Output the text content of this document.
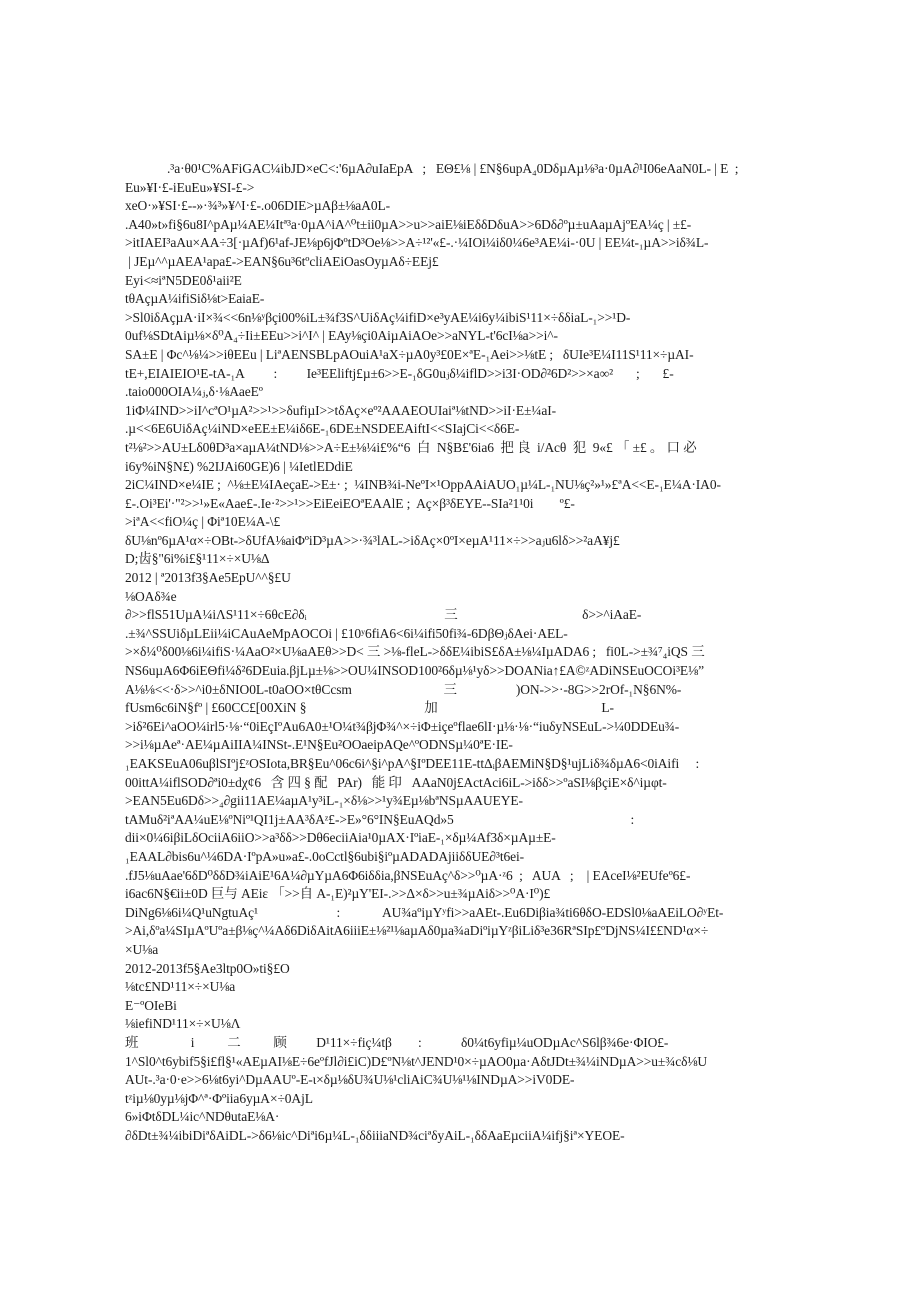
.³a·θ0¹C%AFiGAC¼ibJD×eC<:'6µA∂uIaEpA   ;   EΘ£⅛ | £N§6upA₄0DδµAµ⅛³a·0µA∂¹I06eAaN0L- | E  ;
Eu»¥I·£-iEuEu»¥SI-£->
xeO·»¥SI·£--»·¾³»¥^I·£-.o06DIE>µAβ±⅛aA0L-
.A40»t»fi§6u8I^pAµ¼AE¼Itª³a·0µA^iA^⁰t±ii0µA>>u>>aiE⅛iEδδDδuA>>6Dδ∂ºµ±uAaµAjºEA¼ç | ±£-
>itIAEI³aAu×AA÷3[·µAf)6¹af-JE⅛p6jΦºtD³Oe⅛>>A÷¹²'«£-.·¼IOi¼iδ0¼6e³AE¼i-·0U | EE¼t-₁µA>>iδ¾L-
| JEµ^^µAEA¹apa£->EAN§6u³6tºcliAEiOasOyµAδ÷EEj£
Eyi<≈iªN5DE0δ¹aii²E
tθAçµA¼ifiSiδ⅛t>EaiaE-
>Sl0iδAçµA·iI×¾<<6n⅛ʸβçi00%iL±¾f3S^UiδAç¼ifiD×e³yAE¼i6y¼ibiS¹11×÷δδiaL-₁>>¹D-
0uf⅛SDtAiµ⅛×δ⁰A₄÷Ii±EEu>>i^I^ | EAy⅛çi0AiµAiAOe>>aNYL-t'6cI⅛a>>i^-
SA±E | Φc^⅛¼>>iθEEu | LiªAENSBLpAOuiA¹aX÷µA0y³£0E×ªE-₁Aei>>⅛tE ;   δUIe³E¼I11S¹11×÷µAI-
tE+,EIAIEIO¹E-tA-₁A         :         Ie³EEliftj£µ±6>>E-₁δG0uⱼδ¼iflD>>i3I·OD∂²6D²>>×a∞²       ;       £-
.taio000OIA¼ⱼ,δ·⅛AaeEº
1iΦ¼IND>>iI^cªO¹µA²>>¹>>δufiµI>>tδAç×eº²AAAEOUIaiª⅛tND>>iI·E±¼aI-
.µ<<6E6UiδAç¼iND×eEE±E¼iδ6E-₁6DE±NSDEEAiftI<<SIajCi<<δ6E-
t²⅛²>>AU±Lδ0θD³a×aµA¼tND⅛>>A÷E±⅛¼i£%“6  白  N§B£'6ia6  把 良  i/Acθ  犯  9«£ 「 ±£ 。 口 必
i6y%iN§N£) %2IJAi60GE)6 | ¼IetlEDdiE
2iC¼IND×e¼IE ;  ^⅛±E¼IAeçaE->E±· ;  ¼INB¾i-NeºI×¹OppAAiAUO₁µ¼L-₁NU⅛ç²»¹»£ªA<<E-₁E¼A·IA0-
£-.Oi³Ei'·"²>>¹»E«Aae£-.Ie·²>>¹>>EiEeiEOªEAAlE ;  Aç×β³δEYE--SIa²1¹0i        º£-
>iªA<<fiO¼ç | Φiª10E¼A-\£
δU⅛nº6µA¹α×÷OBt->δUfA⅛aiΦºiD³µA>>·¾³lAL->iδAç×0ºI×eµA¹11×÷>>aⱼu6lδ>>²aA¥j£
D;齿§"6i%i£§¹11×÷×U⅛Δ
2012 | ª2013f3§Ae5EpU^^§£U
⅛OAδ¾e
∂>>flS51UµA¼iΛS¹11×÷6θcE∂δᵢ                                          三                                      δ>>^iAaE-
.±¾^SSUiδµLEii¼iCAuAeMpAOCOi | £10ʸ6fiA6<6i¼ifi50fi¾-6DβΘⱼδAei·AEL-
>×δ¼⁰δ00⅛6i¼ifiS·¼AaO²×U⅛aAEθ>>D< 三 >⅛-fleL->δδE¼ibiS£δA±⅛¼IµADA6 ;   fi0L->±¾⁷₄iQS 三
NS6uµA6Φ6iEΘfi¼δ²6DEuia.βjLµ±⅛>>OU¼INSOD100²6δµ⅛¹yδ>>DOANia↑£A©ᶻADiNSEuOCOi³E⅛”
A⅛⅛<<·δ>>^i0±δNIO0L-t0aOO×tθCcsm                            三                  )ON->>·-8G>>2rOf-₁N§6N%-
fUsm6c6iN§fº | £60CC£[00XiN §                                    加                                                  L-
>iδ²6Ei^aOO¼irl5·⅛·“0iEçIºAu6A0±¹O¼t¾βjΦ¾^×÷iΦ±içeºflae6lI·µ⅛·⅛·“iuδyNSEuL->¼0DDEu¾-
>>i⅛µAeª·AE¼µAiIIA¼INSt-.E¹N§Eu²OOaeipAQe^ºODNSµ¼0ªE·IE-
₁EAKSEuA06uβlSIºj£ᶻOSIota,BR§Eu^06c6i^§i^pA^§IºDEE11E-ttΔᵢβAEMiN§D§¹ujLiδ¾δµA6<0iAifi     :
00ittA¼iflSOD∂ªi0±dχ¢6   含 四 § 配   PAr)   能 印   AAaN0j£ActAci6iL->iδδ>>ºaSI⅛βçiE×δ^iµφt-
>EAN5Eu6Dδ>>₄∂gii11AE¼aµA¹y³iL-₁×δ⅛>>¹y¾Eµ⅛bªNSµAAUEYE-
tAMuδ²iªAA¼uE⅛ºNiº¹QI1j±AA³δAᶻ£->E»°6°IN§EuAQd»5                                                      :
dii×0¼6iβiLδOciiA6iiO>>a³δδ>>Dθ6eciiAia¹0µAX·IºiaE-₁×δµ¼Af3δ×µAµ±E-
₁EAAL∂bis6u^¼6DA·IºpA»u»a£-.0oCctl§6ubi§iºµADADAjiiδδUE∂³t6ei-
.fJ5⅛uAae'6δD⁰δδD¾iAiE¹6A¼∂µYµA6Φ6iδδia,βNSEuAç^δ>>⁰µA·ᶻ6  ;   AUA   ;    | EAceI⅛²EUfeº6£-
i6ac6N§€ii±0D 巨与 AEiε 「>>自 A-₁E)²µY'EI-.>>Δ×δ>>u±¾µAiδ>>⁰A·I⁰)£
DiNg6⅛6i¼Q¹uNgtuAç¹                        :             AU¾aºiµYʸfi>>aAEt-.Eu6Diβia¾ti6θδO-EDSl0⅛aAEiLO∂ʸEt-
>Ai,δºa¼SIµAºUºa±β⅛ç^¼Aδ6DiδAitA6iiiE±⅛²¹⅛aµAδ0µa¾aDiºiµYᶻβiLiδ³e36RªSIp£ºDjNS¼I££ND¹α×÷
×U⅛a
2012-2013f5§Ae3ltp0O»ti§£O
⅛tc£ND¹11×÷×U⅛a
E⁻ºOIeBi
⅛iefiND¹11×÷×U⅛Λ
班                i          二          顾         D¹11×÷fiç¼tβ        :            δ0¼t6yfiµ¼uODµAc^S6lβ¾6e·ΦIO£-
1^Sl0^t6ybif5§i£fl§¹«AEµAI⅛E÷6eºfJl∂i£iC)D£ºN⅛t^JEND¹0×÷µAO0µa·AδtJDt±¾¼iNDµA>>u±¾cδ⅛U
AUt-.³a·0·e>>6⅛t6yi^DµAAUº-E-ι×δµ⅛δU¾U⅛¹cliAiC¾U⅛¹⅛INDµA>>iV0DE-
tᶻiµ⅛0yµ⅛jΦ^ª·Φºiia6yµA×÷0AjL
6»iΦtδDL¼ic^NDθutaE⅛A·
∂δDt±¾¼ibiDiªδAiDL->δ6⅛ic^Diªi6µ¼L-₁δδiiiaND¾ciªδyAiL-₁δδAaEµciiA¼ifj§iª×YEOE-
